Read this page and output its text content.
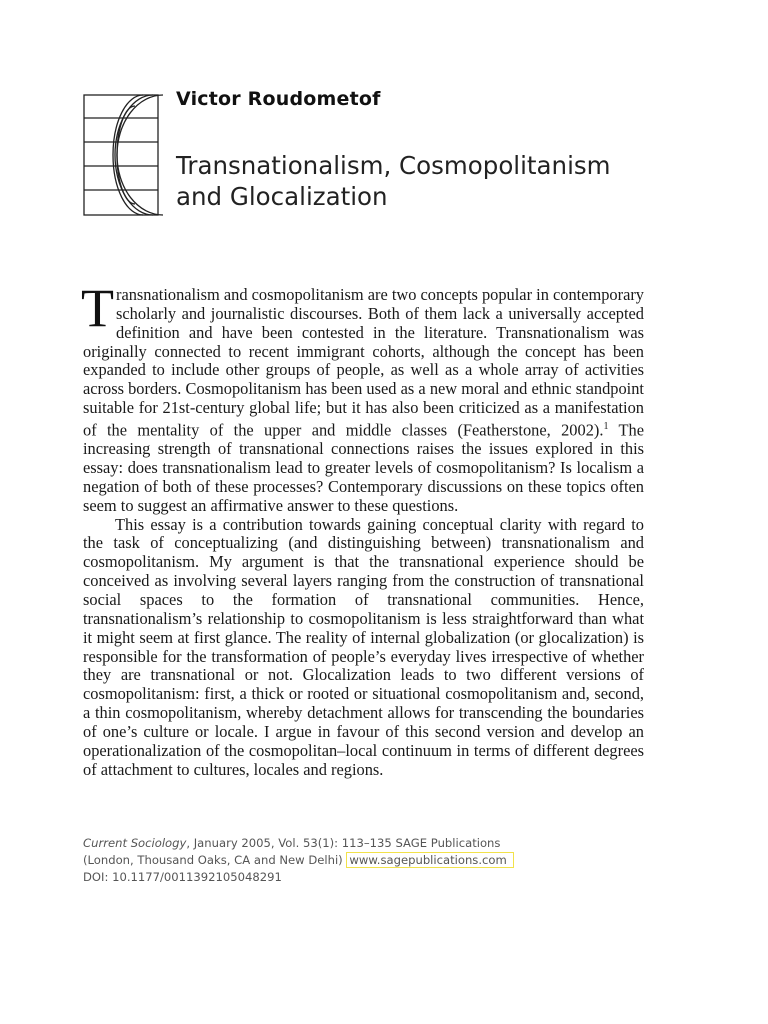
Victor Roudometof
Transnationalism, Cosmopolitanism
and Glocalization

Transnationalism and cosmopolitanism are two concepts popular in contemporary scholarly and journalistic discourses. Both of them lack a universally accepted definition and have been contested in the literature. Transnationalism was originally connected to recent immigrant cohorts, although the concept has been expanded to include other groups of people, as well as a whole array of activities across borders. Cosmopolitanism has been used as a new moral and ethnic standpoint suitable for 21st-century global life; but it has also been criticized as a manifestation of the mentality of the upper and middle classes (Featherstone, 2002).$^1$ The increasing strength of transnational connections raises the issues explored in this essay: does transnationalism lead to greater levels of cosmopolitanism? Is localism a negation of both of these processes? Contemporary discussions on these topics often seem to suggest an affirmative answer to these questions.

This essay is a contribution towards gaining conceptual clarity with regard to the task of conceptualizing (and distinguishing between) transnationalism and cosmopolitanism. My argument is that the transnational experience should be conceived as involving several layers ranging from the construction of transnational social spaces to the formation of transnational communities. Hence, transnationalism’s relationship to cosmopolitanism is less straightforward than what it might seem at first glance. The reality of internal globalization (or glocalization) is responsible for the transformation of people’s everyday lives irrespective of whether they are transnational or not. Glocalization leads to two different versions of cosmopolitanism: first, a thick or rooted or situational cosmopolitanism and, second, a thin cosmopolitanism, whereby detachment allows for transcending the boundaries of one’s culture or locale. I argue in favour of this second version and develop an operationalization of the cosmopolitan–local continuum in terms of different degrees of attachment to cultures, locales and regions.

Current Sociology, January 2005, Vol. 53(1): 113–135 SAGE Publications
(London, Thousand Oaks, CA and New Delhi) www.sagepublications.com
DOI: 10.1177/0011392105048291
